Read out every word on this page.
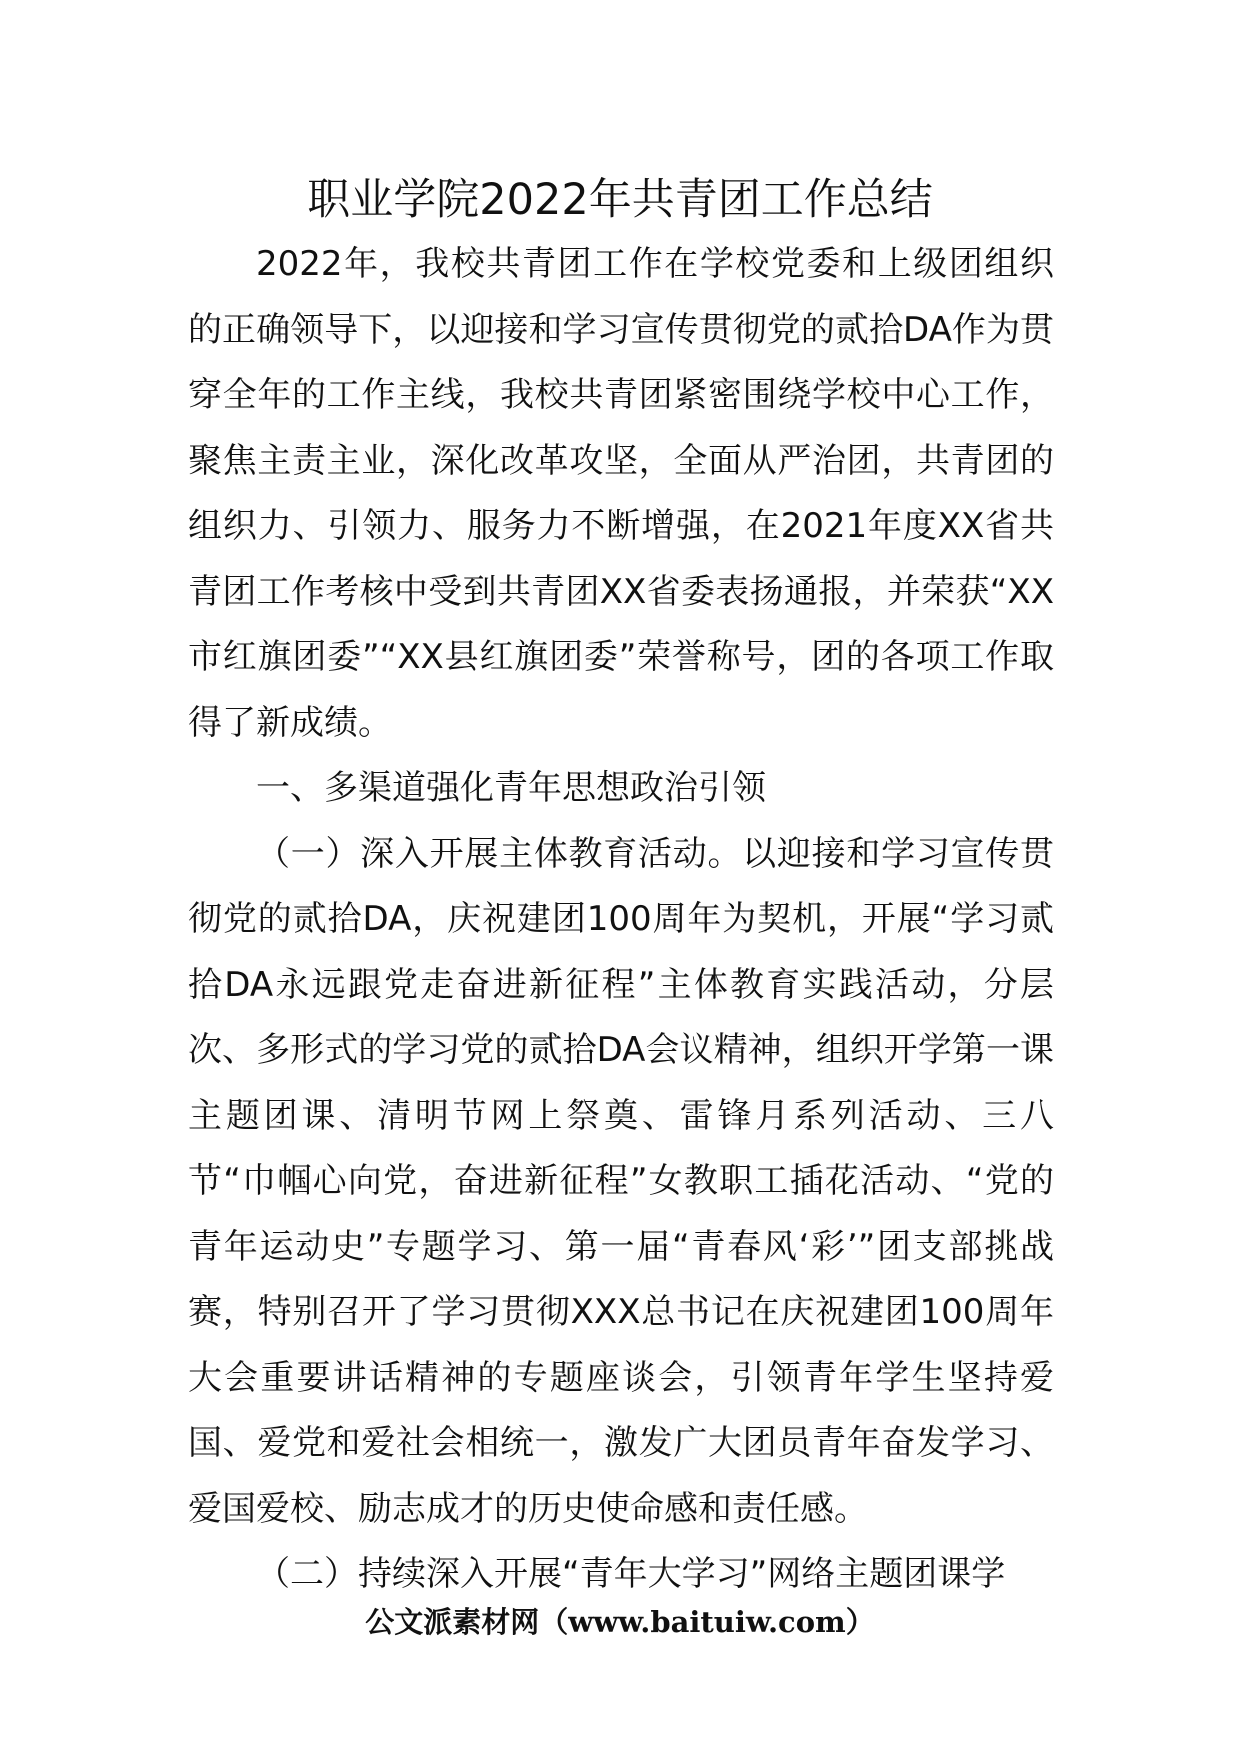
职业学院2022年共青团工作总结

2022年，我校共青团工作在学校党委和上级团组织的正确领导下，以迎接和学习宣传贯彻党的贰拾DA作为贯穿全年的工作主线，我校共青团紧密围绕学校中心工作，聚焦主责主业，深化改革攻坚，全面从严治团，共青团的组织力、引领力、服务力不断增强，在2021年度XX省共青团工作考核中受到共青团XX省委表扬通报，并荣获“XX市红旗团委”“XX县红旗团委”荣誉称号，团的各项工作取得了新成绩。

一、多渠道强化青年思想政治引领

（一）深入开展主体教育活动。以迎接和学习宣传贯彻党的贰拾DA，庆祝建团100周年为契机，开展“学习贰拾DA永远跟党走奋进新征程”主体教育实践活动，分层次、多形式的学习党的贰拾DA会议精神，组织开学第一课主题团课、清明节网上祭奠、雷锋月系列活动、三八节“巾帼心向党，奋进新征程”女教职工插花活动、“党的青年运动史”专题学习、第一届“青春风‘彩’”团支部挑战赛，特别召开了学习贯彻XXX总书记在庆祝建团100周年大会重要讲话精神的专题座谈会，引领青年学生坚持爱国、爱党和爱社会相统一，激发广大团员青年奋发学习、爱国爱校、励志成才的历史使命感和责任感。

（二）持续深入开展“青年大学习”网络主题团课学

公文派素材网（www.baituiw.com）
